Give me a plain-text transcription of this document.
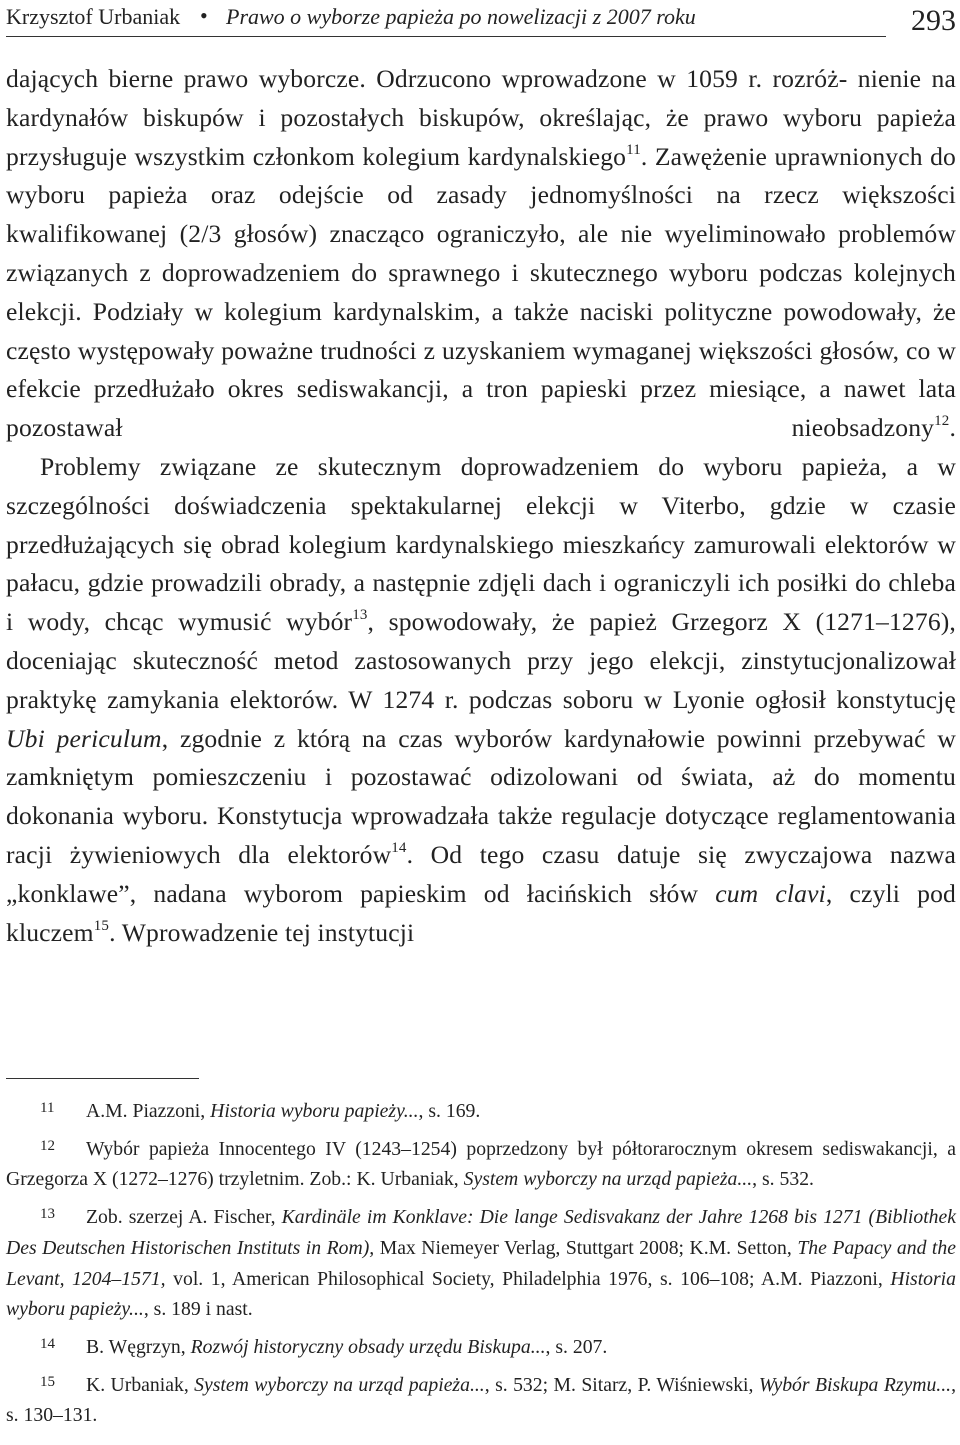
Krzysztof Urbaniak • Prawo o wyborze papieża po nowelizacji z 2007 roku	293

dających bierne prawo wyborcze. Odrzucono wprowadzone w 1059 r. rozróż- nienie na kardynałów biskupów i pozostałych biskupów, określając, że prawo wyboru papieża przysługuje wszystkim członkom kolegium kardynalskiego$^{11}$. Zawężenie uprawnionych do wyboru papieża oraz odejście od zasady jednomyślności na rzecz większości kwalifikowanej (2/3 głosów) znacząco ograniczyło, ale nie wyeliminowało problemów związanych z doprowadzeniem do sprawnego i skutecznego wyboru podczas kolejnych elekcji. Podziały w kolegium kardynalskim, a także naciski polityczne powodowały, że często występowały poważne trudności z uzyskaniem wymaganej większości głosów, co w efekcie przedłużało okres sediswakancji, a tron papieski przez miesiące, a nawet lata pozostawał nieobsadzony$^{12}$.

Problemy związane ze skutecznym doprowadzeniem do wyboru papieża, a w szczególności doświadczenia spektakularnej elekcji w Viterbo, gdzie w czasie przedłużających się obrad kolegium kardynalskiego mieszkańcy zamurowali elektorów w pałacu, gdzie prowadzili obrady, a następnie zdjęli dach i ograniczyli ich posiłki do chleba i wody, chcąc wymusić wybór$^{13}$, spowodowały, że papież Grzegorz X (1271–1276), doceniając skuteczność metod zastosowanych przy jego elekcji, zinstytucjonalizował praktykę zamykania elektorów. W 1274 r. podczas soboru w Lyonie ogłosił konstytucję Ubi periculum, zgodnie z którą na czas wyborów kardynałowie powinni przebywać w zamkniętym pomieszczeniu i pozostawać odizolowani od świata, aż do momentu dokonania wyboru. Konstytucja wprowadzała także regulacje dotyczące reglamentowania racji żywieniowych dla elektorów$^{14}$. Od tego czasu datuje się zwyczajowa nazwa „konklawe”, nadana wyborom papieskim od łacińskich słów cum clavi, czyli pod kluczem$^{15}$. Wprowadzenie tej instytucji

11 A.M. Piazzoni, Historia wyboru papieży..., s. 169.

12 Wybór papieża Innocentego IV (1243–1254) poprzedzony był półtorarocznym okresem sediswakancji, a Grzegorza X (1272–1276) trzyletnim. Zob.: K. Urbaniak, System wyborczy na urząd papieża..., s. 532.

13 Zob. szerzej A. Fischer, Kardinäle im Konklave: Die lange Sedisvakanz der Jahre 1268 bis 1271 (Bibliothek Des Deutschen Historischen Instituts in Rom), Max Niemeyer Verlag, Stuttgart 2008; K.M. Setton, The Papacy and the Levant, 1204–1571, vol. 1, American Philosophical Society, Philadelphia 1976, s. 106–108; A.M. Piazzoni, Historia wyboru papieży..., s. 189 i nast.

14 B. Węgrzyn, Rozwój historyczny obsady urzędu Biskupa..., s. 207.

15 K. Urbaniak, System wyborczy na urząd papieża..., s. 532; M. Sitarz, P. Wiśniewski, Wybór Biskupa Rzymu..., s. 130–131.
